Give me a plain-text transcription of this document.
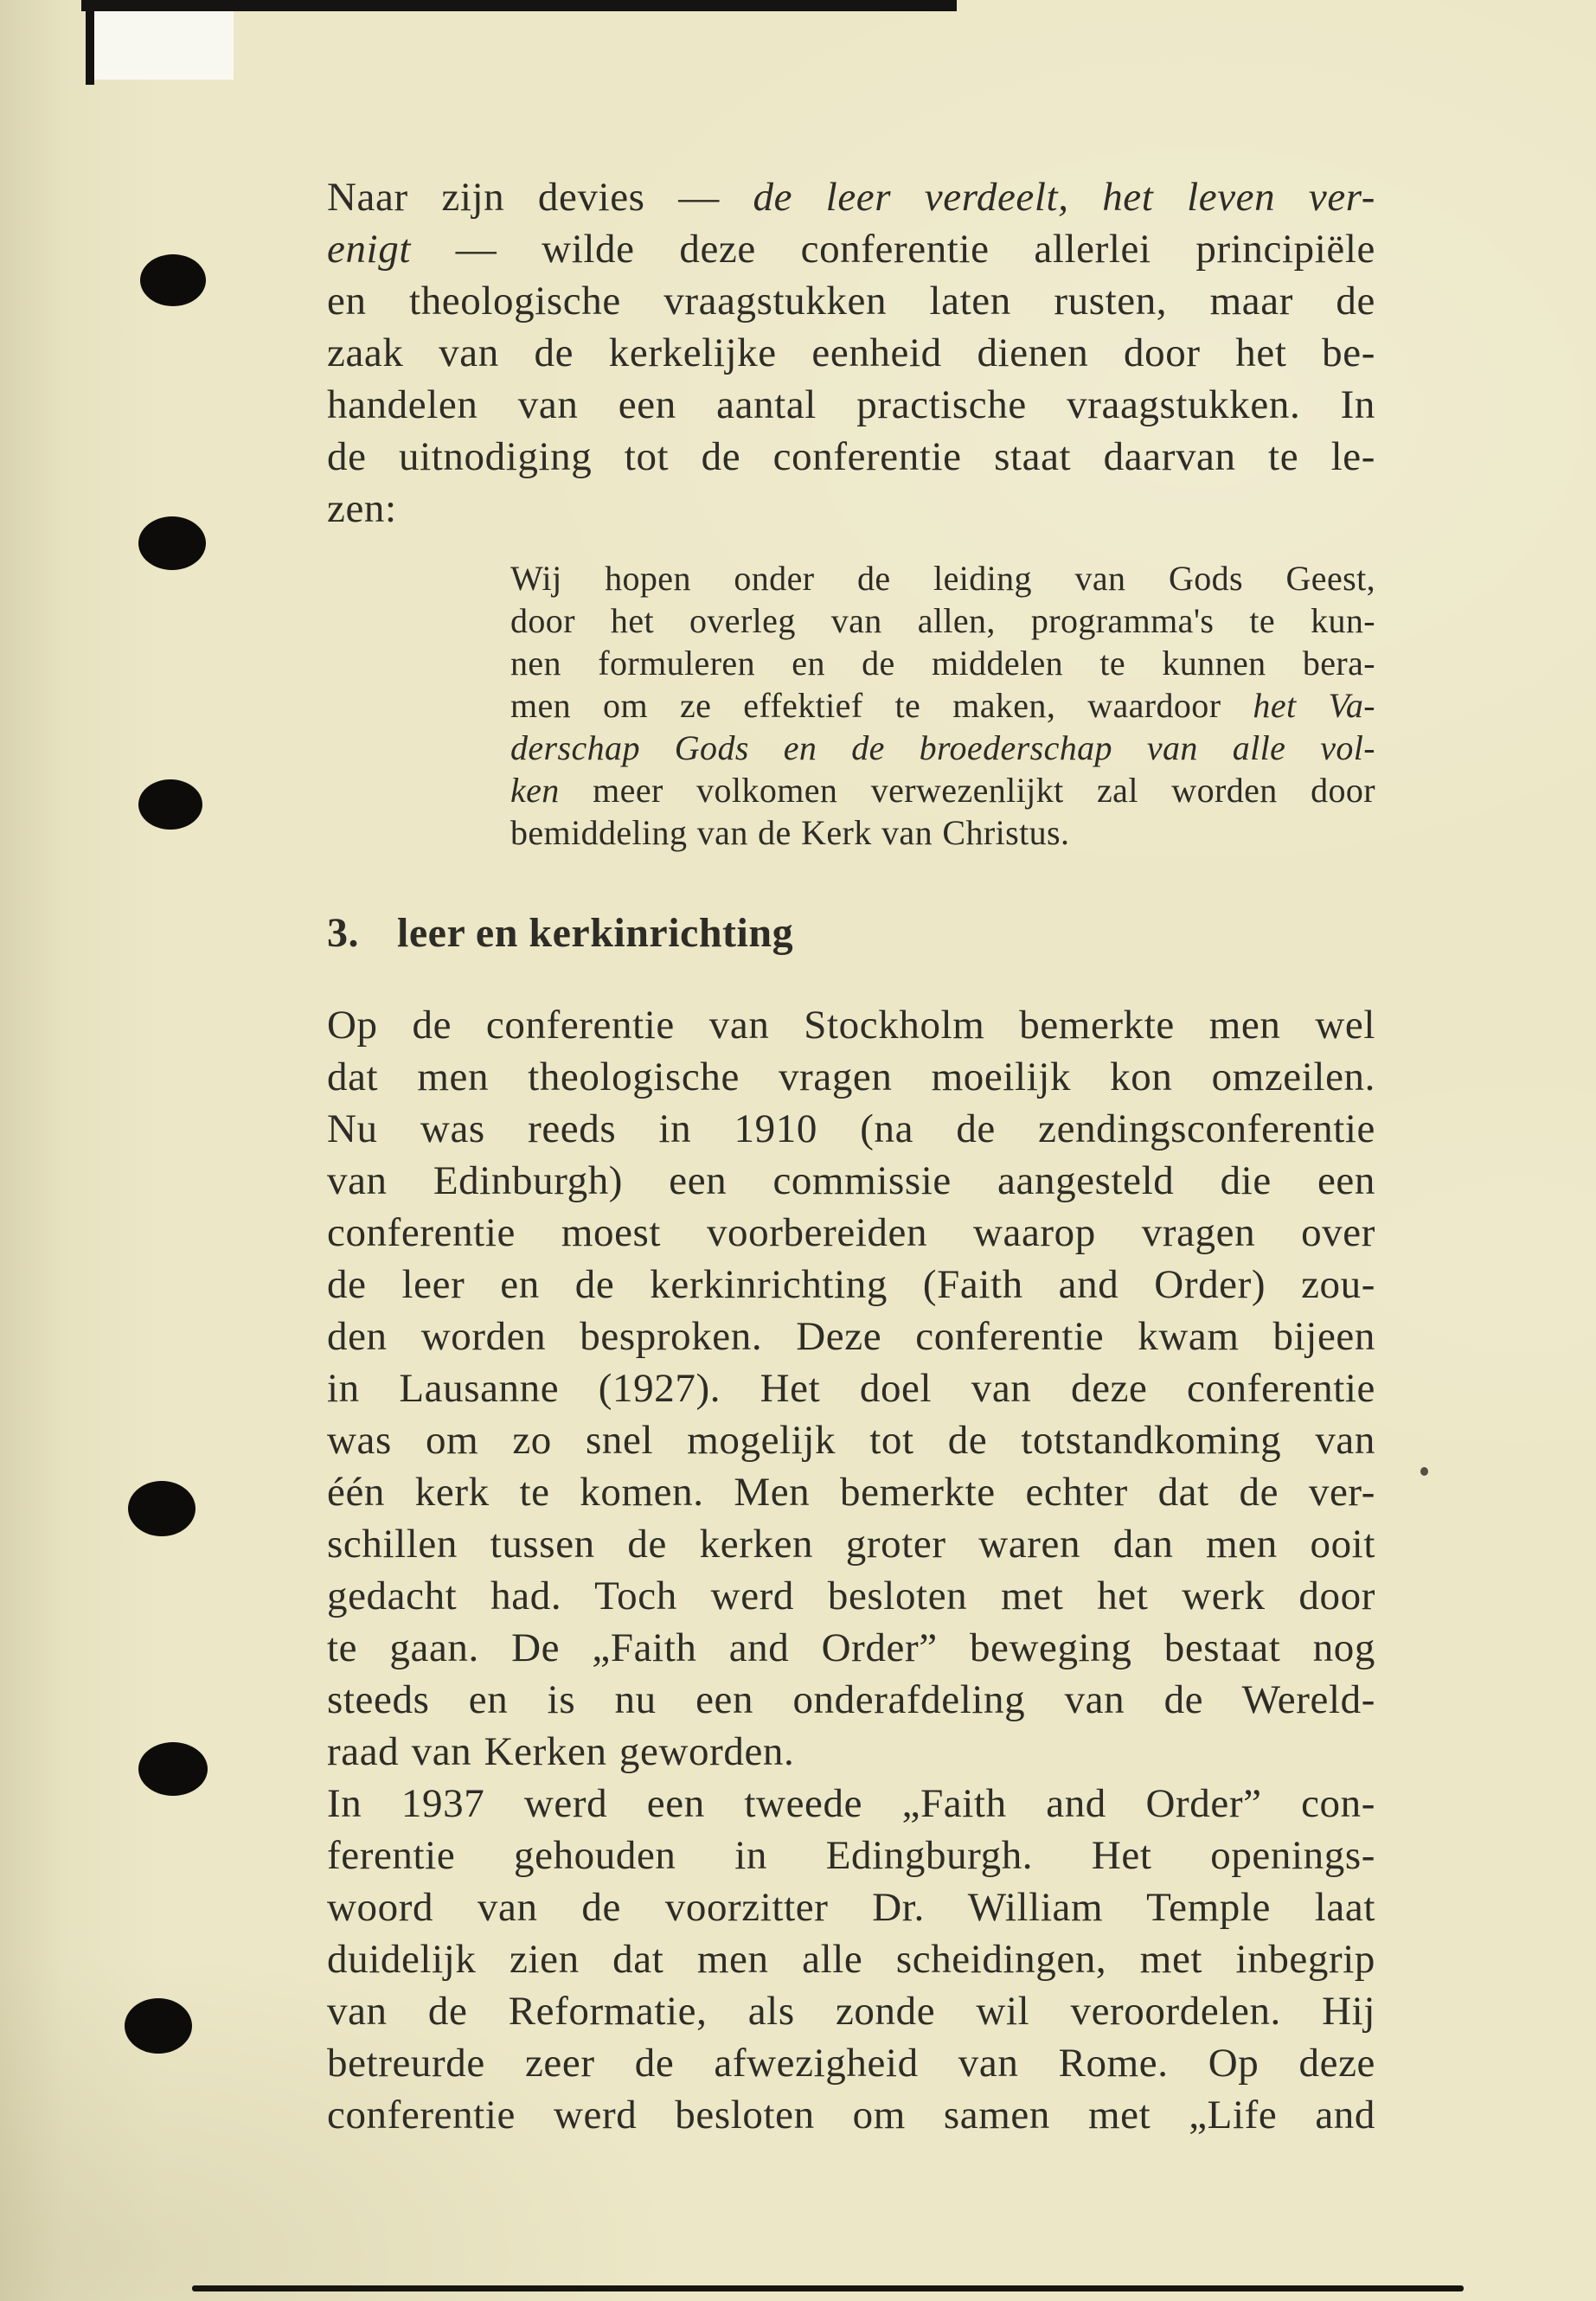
Naar zijn devies — de leer verdeelt, het leven ver-
enigt — wilde deze conferentie allerlei principiële
en theologische vraagstukken laten rusten, maar de
zaak van de kerkelijke eenheid dienen door het be-
handelen van een aantal practische vraagstukken. In
de uitnodiging tot de conferentie staat daarvan te le-
zen:
Wij hopen onder de leiding van Gods Geest,
door het overleg van allen, programma's te kun-
nen formuleren en de middelen te kunnen bera-
men om ze effektief te maken, waardoor het Va-
derschap Gods en de broederschap van alle vol-
ken meer volkomen verwezenlijkt zal worden door
bemiddeling van de Kerk van Christus.
3. leer en kerkinrichting
Op de conferentie van Stockholm bemerkte men wel
dat men theologische vragen moeilijk kon omzeilen.
Nu was reeds in 1910 (na de zendingsconferentie
van Edinburgh) een commissie aangesteld die een
conferentie moest voorbereiden waarop vragen over
de leer en de kerkinrichting (Faith and Order) zou-
den worden besproken. Deze conferentie kwam bijeen
in Lausanne (1927). Het doel van deze conferentie
was om zo snel mogelijk tot de totstandkoming van
één kerk te komen. Men bemerkte echter dat de ver-
schillen tussen de kerken groter waren dan men ooit
gedacht had. Toch werd besloten met het werk door
te gaan. De „Faith and Order” beweging bestaat nog
steeds en is nu een onderafdeling van de Wereld-
raad van Kerken geworden.
In 1937 werd een tweede „Faith and Order” con-
ferentie gehouden in Edingburgh. Het openings-
woord van de voorzitter Dr. William Temple laat
duidelijk zien dat men alle scheidingen, met inbegrip
van de Reformatie, als zonde wil veroordelen. Hij
betreurde zeer de afwezigheid van Rome. Op deze
conferentie werd besloten om samen met „Life and
